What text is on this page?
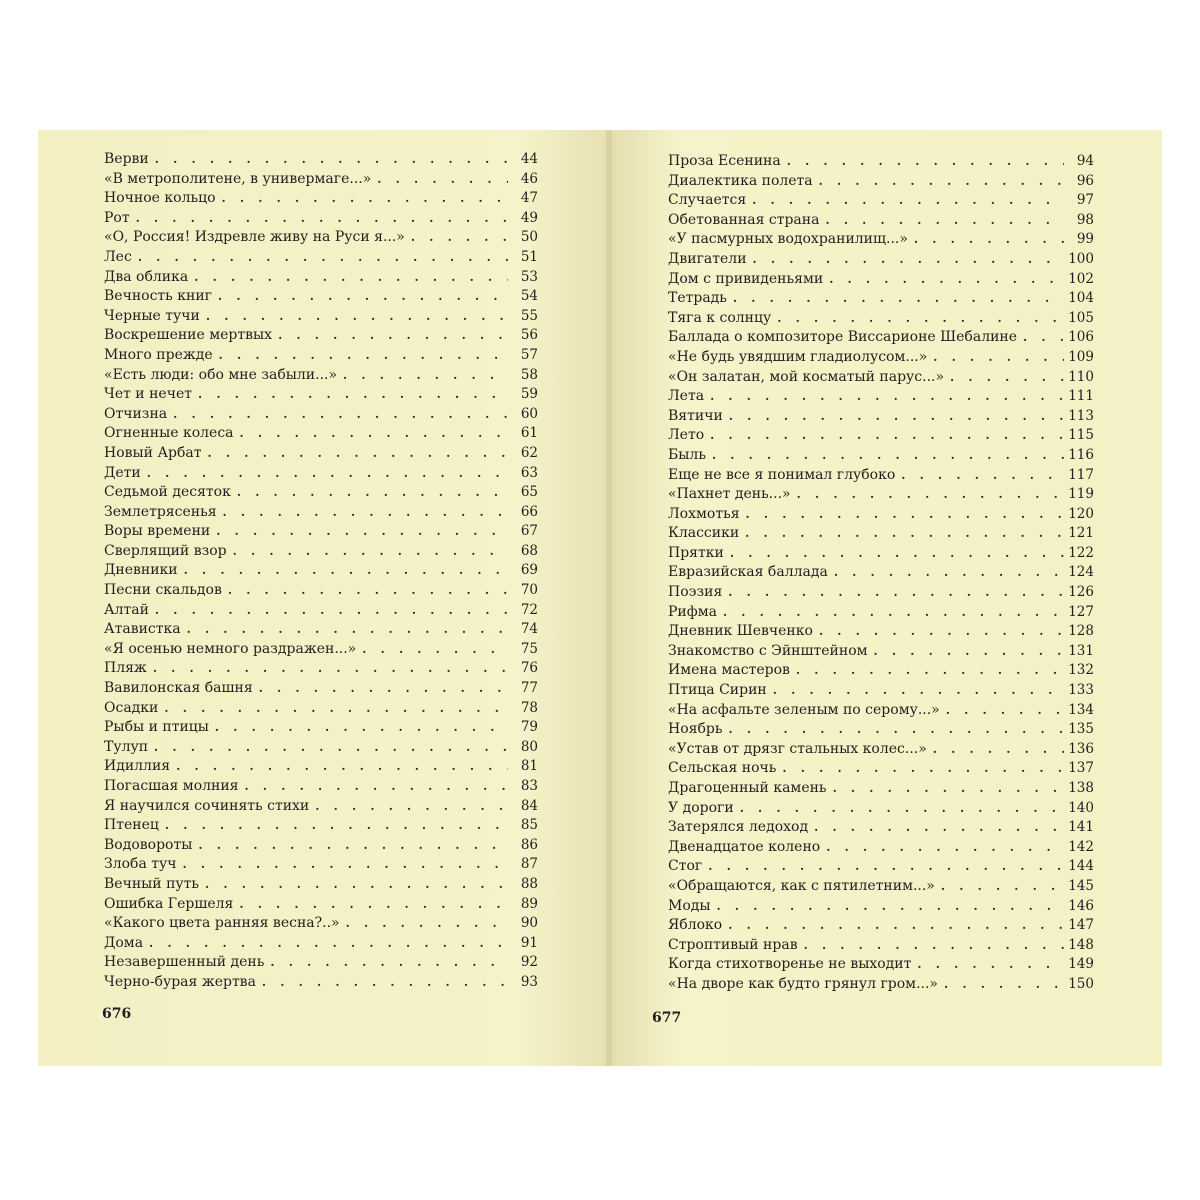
Верви . . .	44
«В метрополитене, в универмаге...» . . .	46
Ночное кольцо . . .	47
Рот . . .	49
«О, Россия! Издревле живу на Руси я...» . . .	50
Лес . . .	51
Два облика . . .	53
Вечность книг . . .	54
Черные тучи . . .	55
Воскрешение мертвых . . .	56
Много прежде . . .	57
«Есть люди: обо мне забыли...» . . .	58
Чет и нечет . . .	59
Отчизна . . .	60
Огненные колеса . . .	61
Новый Арбат . . .	62
Дети . . .	63
Седьмой десяток . . .	65
Землетрясенья . . .	66
Воры времени . . .	67
Сверлящий взор . . .	68
Дневники . . .	69
Песни скальдов . . .	70
Алтай . . .	72
Атавистка . . .	74
«Я осенью немного раздражен...» . . .	75
Пляж . . .	76
Вавилонская башня . . .	77
Осадки . . .	78
Рыбы и птицы . . .	79
Тулуп . . .	80
Идиллия . . .	81
Погасшая молния . . .	83
Я научился сочинять стихи . . .	84
Птенец . . .	85
Водовороты . . .	86
Злоба туч . . .	87
Вечный путь . . .	88
Ошибка Гершеля . . .	89
«Какого цвета ранняя весна?..» . . .	90
Дома . . .	91
Незавершенный день . . .	92
Черно-бурая жертва . . .	93
676
Проза Есенина . . .	94
Диалектика полета . . .	96
Случается . . .	97
Обетованная страна . . .	98
«У пасмурных водохранилищ...» . . .	99
Двигатели . . .	100
Дом с привиденьями . . .	102
Тетрадь . . .	104
Тяга к солнцу . . .	105
Баллада о композиторе Виссарионе Шебалине . . .	106
«Не будь увядшим гладиолусом...» . . .	109
«Он залатан, мой косматый парус...» . . .	110
Лета . . .	111
Вятичи . . .	113
Лето . . .	115
Быль . . .	116
Еще не все я понимал глубоко . . .	117
«Пахнет день...» . . .	119
Лохмотья . . .	120
Классики . . .	121
Прятки . . .	122
Евразийская баллада . . .	124
Поэзия . . .	126
Рифма . . .	127
Дневник Шевченко . . .	128
Знакомство с Эйнштейном . . .	131
Имена мастеров . . .	132
Птица Сирин . . .	133
«На асфальте зеленым по серому...» . . .	134
Ноябрь . . .	135
«Устав от дрязг стальных колес...» . . .	136
Сельская ночь . . .	137
Драгоценный камень . . .	138
У дороги . . .	140
Затерялся ледоход . . .	141
Двенадцатое колено . . .	142
Стог . . .	144
«Обращаются, как с пятилетним...» . . .	145
Моды . . .	146
Яблоко . . .	147
Строптивый нрав . . .	148
Когда стихотворенье не выходит . . .	149
«На дворе как будто грянул гром...» . . .	150
677
